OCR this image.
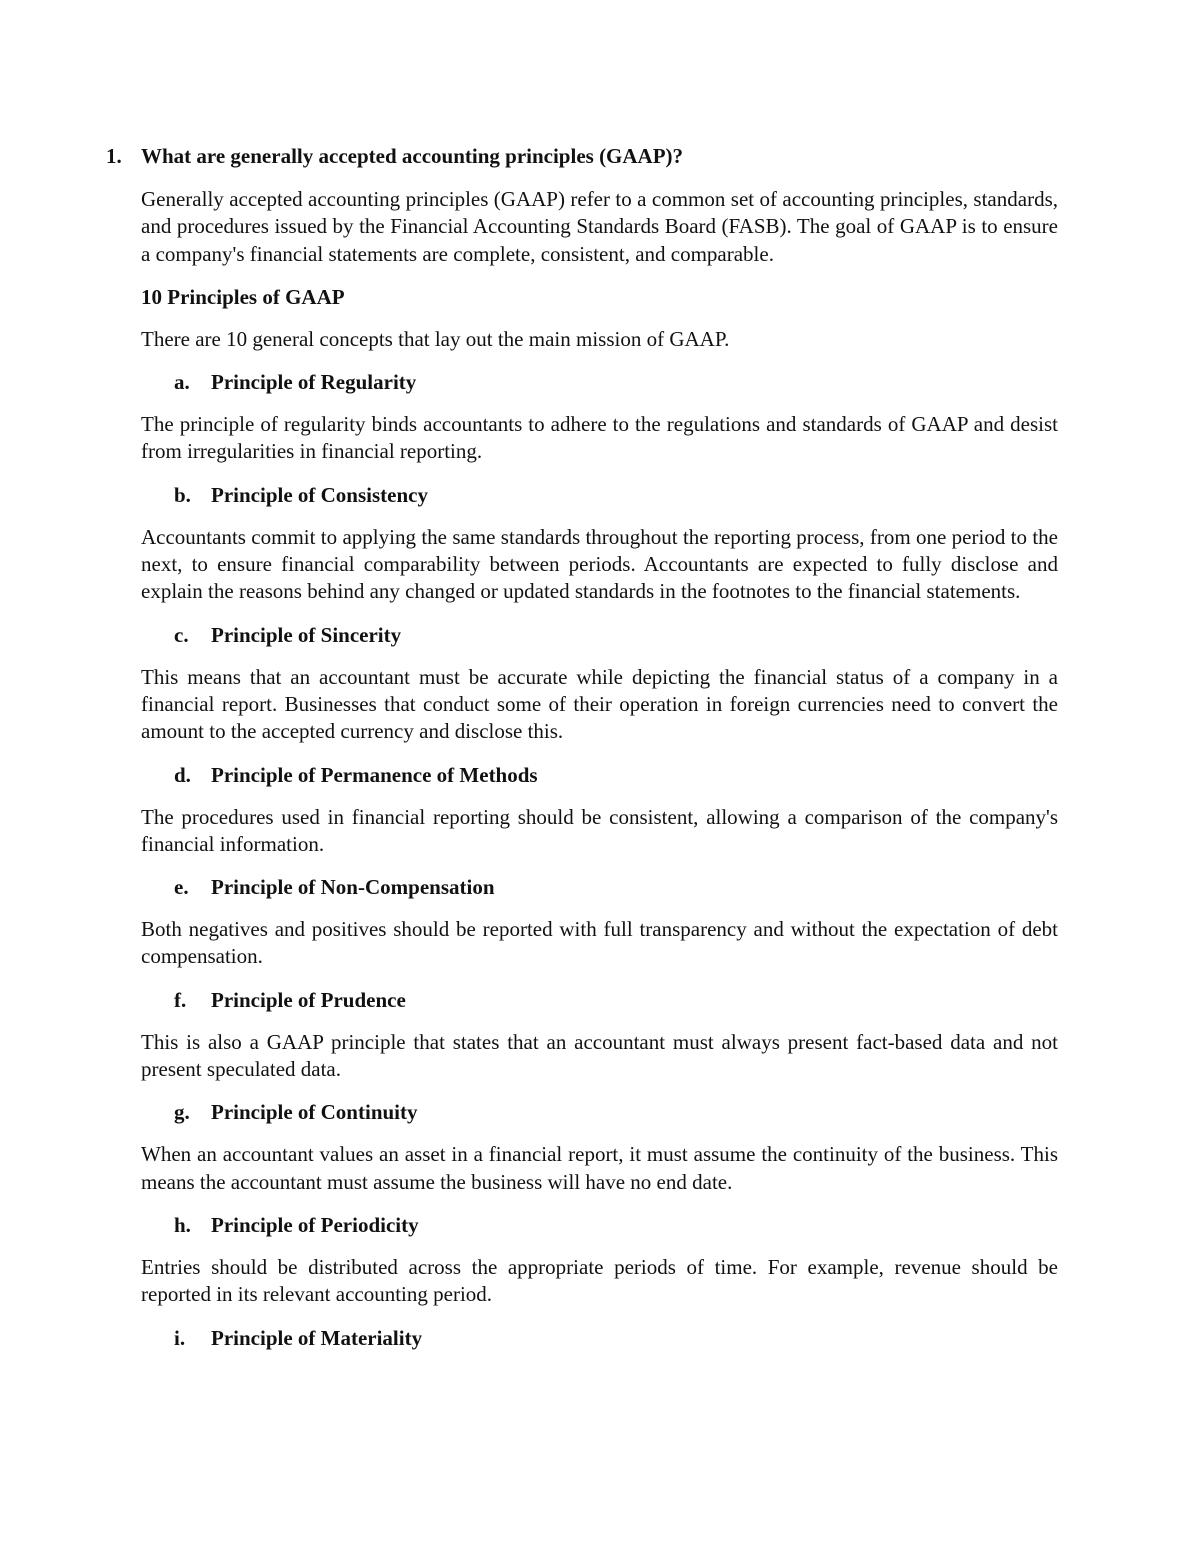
1. What are generally accepted accounting principles (GAAP)?

Generally accepted accounting principles (GAAP) refer to a common set of accounting principles, standards, and procedures issued by the Financial Accounting Standards Board (FASB). The goal of GAAP is to ensure a company's financial statements are complete, consistent, and comparable.

10 Principles of GAAP

There are 10 general concepts that lay out the main mission of GAAP.

a. Principle of Regularity

The principle of regularity binds accountants to adhere to the regulations and standards of GAAP and desist from irregularities in financial reporting.

b. Principle of Consistency

Accountants commit to applying the same standards throughout the reporting process, from one period to the next, to ensure financial comparability between periods. Accountants are expected to fully disclose and explain the reasons behind any changed or updated standards in the footnotes to the financial statements.

c. Principle of Sincerity

This means that an accountant must be accurate while depicting the financial status of a company in a financial report. Businesses that conduct some of their operation in foreign currencies need to convert the amount to the accepted currency and disclose this.

d. Principle of Permanence of Methods

The procedures used in financial reporting should be consistent, allowing a comparison of the company's financial information.

e. Principle of Non-Compensation

Both negatives and positives should be reported with full transparency and without the expectation of debt compensation.

f. Principle of Prudence

This is also a GAAP principle that states that an accountant must always present fact-based data and not present speculated data.

g. Principle of Continuity

When an accountant values an asset in a financial report, it must assume the continuity of the business. This means the accountant must assume the business will have no end date.

h. Principle of Periodicity

Entries should be distributed across the appropriate periods of time. For example, revenue should be reported in its relevant accounting period.

i. Principle of Materiality
